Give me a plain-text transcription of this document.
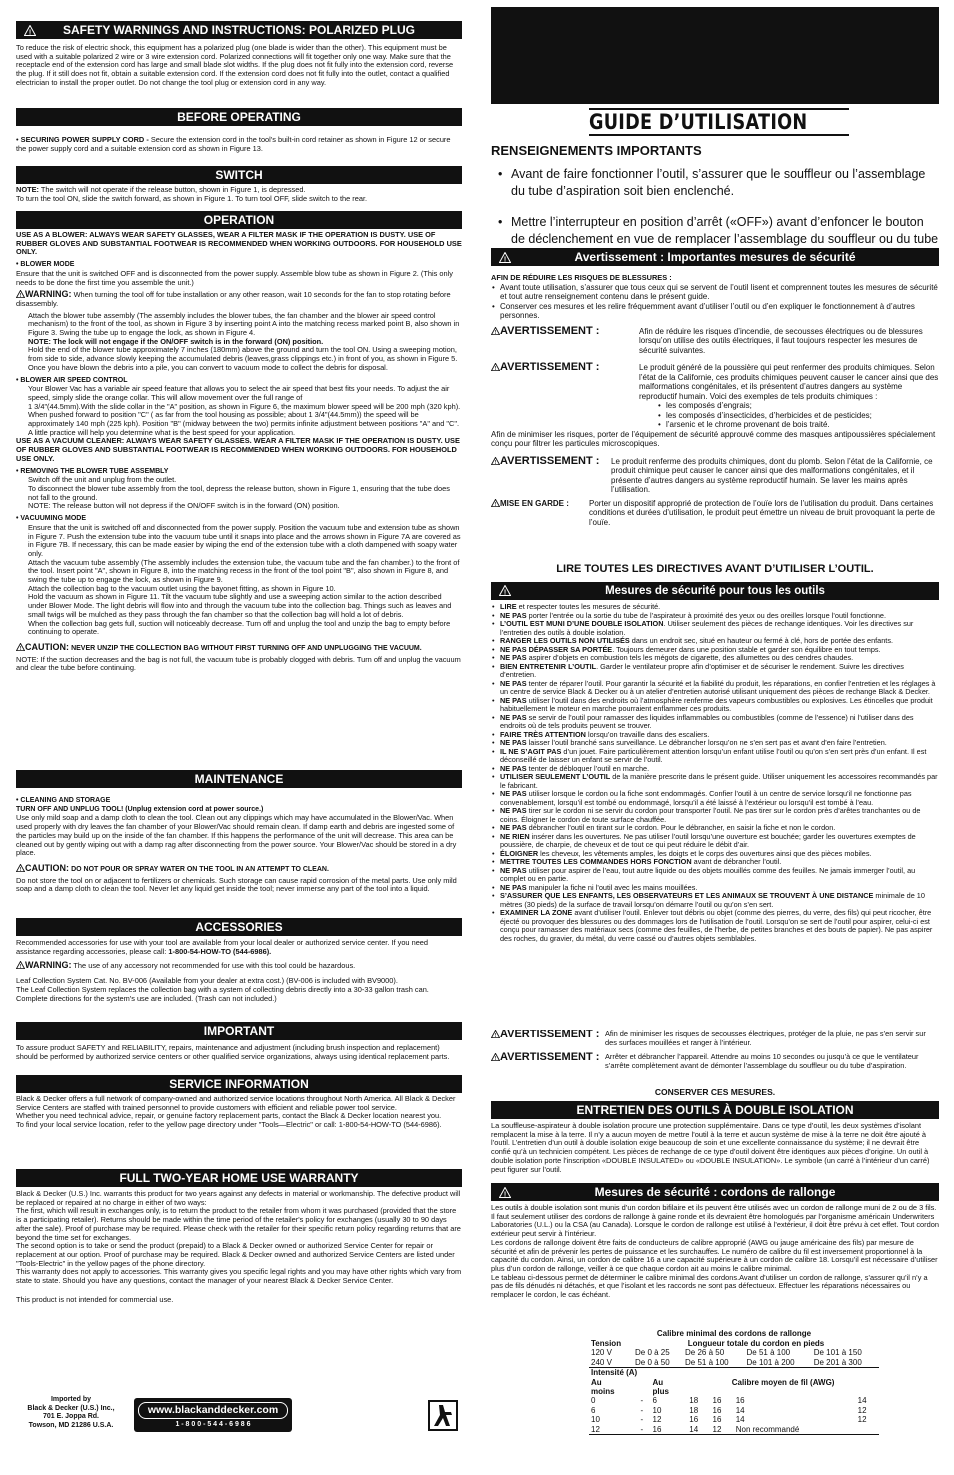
!	SAFETY WARNINGS AND INSTRUCTIONS: POLARIZED PLUG

To reduce the risk of electric shock, this equipment has a polarized plug (one blade is wider than the other). This equipment must be used with a suitable polarized 2 wire or 3 wire extension cord. Polarized connections will fit together only one way. Make sure that the receptacle end of the extension cord has large and small blade slot widths. If the plug does not fit fully into the extension cord, reverse the plug. If it still does not fit, obtain a suitable extension cord. If the extension cord does not fit fully into the outlet, contact a qualified electrician to install the proper outlet. Do not change the tool plug or extension cord in any way.

BEFORE OPERATING

• SECURING POWER SUPPLY CORD - Secure the extension cord in the tool's built-in cord retainer as shown in Figure 12 or secure the power supply cord and a suitable extension cord as shown in Figure 13.

SWITCH

NOTE: The switch will not operate if the release button, shown in Figure 1, is depressed.

To turn the tool ON, slide the switch forward, as shown in Figure 1. To turn tool OFF, slide switch to the rear.

OPERATION

USE AS A BLOWER: ALWAYS WEAR SAFETY GLASSES, WEAR A FILTER MASK IF THE OPERATION IS DUSTY. USE OF RUBBER GLOVES AND SUBSTANTIAL FOOTWEAR IS RECOMMENDED WHEN WORKING OUTDOORS. FOR HOUSEHOLD USE ONLY.

• BLOWER MODE

Ensure that the unit is switched OFF and is disconnected from the power supply. Assemble blow tube as shown in Figure 2. (This only needs to be done the first time you assemble the unit.)

! WARNING: When turning the tool off for tube installation or any other reason, wait 10 seconds for the fan to stop rotating before disassembly.

Attach the blower tube assembly (The assembly includes the blower tubes, the fan chamber and the blower air speed control mechanism) to the front of the tool, as shown in Figure 3 by inserting point A into the matching recess marked point B, also shown in Figure 3. Swing the tube up to engage the lock, as shown in Figure 4.

NOTE: The lock will not engage if the ON/OFF switch is in the forward (ON) position.

Hold the end of the blower tube approximately 7 inches (180mm) above the ground and turn the tool ON. Using a sweeping motion, from side to side, advance slowly keeping the accumulated debris (leaves,grass clippings etc.) in front of you, as shown in Figure 5. Once you have blown the debris into a pile, you can convert to vacuum mode to collect the debris for disposal.

• BLOWER AIR SPEED CONTROL

Your Blower Vac has a variable air speed feature that allows you to select the air speed that best fits your needs. To adjust the air speed, simply slide the orange collar. This will allow movement over the full range of

1 3/4"(44.5mm).With the slide collar in the "A" position, as shown in Figure 6, the maximum blower speed will be 200 mph (320 kph). When pushed forward to position "C" ( as far from the tool housing as possible; about 1 3/4"(44.5mm)) the speed will be approximately 140 mph (225 kph). Position "B" (midway between the two) permits infinite adjustment between positions "A" and "C". A little practice will help you determine what is the best speed for your application.

USE AS A VACUUM CLEANER: ALWAYS WEAR SAFETY GLASSES. WEAR A FILTER MASK IF THE OPERATION IS DUSTY. USE OF RUBBER GLOVES AND SUBSTANTIAL FOOTWEAR IS RECOMMENDED WHEN WORKING OUTDOORS. FOR HOUSEHOLD USE ONLY.

• REMOVING THE BLOWER TUBE ASSEMBLY

Switch off the unit and unplug from the outlet.

To disconnect the blower tube assembly from the tool, depress the release button, shown in Figure 1, ensuring that the tube does not fall to the ground.

NOTE: The release button will not depress if the ON/OFF switch is in the forward (ON) position.

• VACUUMING MODE

Ensure that the unit is switched off and disconnected from the power supply. Position the vacuum tube and extension tube as shown in Figure 7. Push the extension tube into the vacuum tube until it snaps into place and the arrows shown in Figure 7A are covered as in Figure 7B. If necessary, this can be made easier by wiping the end of the extension tube with a cloth dampened with soapy water only.

Attach the vacuum tube assembly (The assembly includes the extension tube, the vacuum tube and the fan chamber.) to the front of the tool. Insert point "A", shown in Figure 8, into the matching recess in the front of the tool point "B", also shown in Figure 8, and swing the tube up to engage the lock, as shown in Figure 9.

Attach the collection bag to the vacuum outlet using the bayonet fitting, as shown in Figure 10.

Hold the vacuum as shown in Figure 11. Tilt the vacuum tube slightly and use a sweeping action similar to the action described under Blower Mode. The light debris will flow into and through the vacuum tube into the collection bag. Things such as leaves and small twigs will be mulched as they pass through the fan chamber so that the collection bag will hold a lot of debris.

When the collection bag gets full, suction will noticeably decrease. Turn off and unplug the tool and unzip the bag to empty before continuing to operate.

! CAUTION: NEVER UNZIP THE COLLECTION BAG WITHOUT FIRST TURNING OFF AND UNPLUGGING THE VACUUM.

NOTE: If the suction decreases and the bag is not full, the vacuum tube is probably clogged with debris. Turn off and unplug the vacuum and clear the tube before continuing.

MAINTENANCE

• CLEANING AND STORAGE

TURN OFF AND UNPLUG TOOL! (Unplug extension cord at power source.)

Use only mild soap and a damp cloth to clean the tool. Clean out any clippings which may have accumulated in the Blower/Vac. When used properly with dry leaves the fan chamber of your Blower/Vac should remain clean. If damp earth and debris are ingested some of the particles may build up on the inside of the fan chamber. If this happens the performance of the unit will decrease. This area can be cleaned out by gently wiping out with a damp rag after disconnecting from the power source. Your Blower/Vac should be stored in a dry place.

! CAUTION: DO NOT POUR OR SPRAY WATER ON THE TOOL IN AN ATTEMPT TO CLEAN.

Do not store the tool on or adjacent to fertilizers or chemicals. Such storage can cause rapid corrosion of the metal parts. Use only mild soap and a damp cloth to clean the tool. Never let any liquid get inside the tool; never immerse any part of the tool into a liquid.

ACCESSORIES

Recommended accessories for use with your tool are available from your local dealer or authorized service center. If you need assistance regarding accessories, please call: 1-800-54-HOW-TO (544-6986).

! WARNING: The use of any accessory not recommended for use with this tool could be hazardous.

Leaf Collection System Cat. No. BV-006 (Available from your dealer at extra cost.) (BV-006 is included with BV9000).

The Leaf Collection System replaces the collection bag with a system of collecting debris directly into a 30-33 gallon trash can. Complete directions for the system's use are included. (Trash can not included.)

IMPORTANT

To assure product SAFETY and RELIABILITY, repairs, maintenance and adjustment (including brush inspection and replacement) should be performed by authorized service centers or other qualified service organizations, always using identical replacement parts.

SERVICE INFORMATION

Black & Decker offers a full network of company-owned and authorized service locations throughout North America. All Black & Decker Service Centers are staffed with trained personnel to provide customers with efficient and reliable power tool service.

Whether you need technical advice, repair, or genuine factory replacement parts, contact the Black & Decker location nearest you.

To find your local service location, refer to the yellow page directory under "Tools—Electric" or call: 1-800-54-HOW-TO (544-6986).

FULL TWO-YEAR HOME USE WARRANTY

Black & Decker (U.S.) Inc. warrants this product for two years against any defects in material or workmanship. The defective product will be replaced or repaired at no charge in either of two ways:

The first, which will result in exchanges only, is to return the product to the retailer from whom it was purchased (provided that the store is a participating retailer). Returns should be made within the time period of the retailer's policy for exchanges (usually 30 to 90 days after the sale). Proof of purchase may be required. Please check with the retailer for their specific return policy regarding returns that are beyond the time set for exchanges.

The second option is to take or send the product (prepaid) to a Black & Decker owned or authorized Service Center for repair or replacement at our option. Proof of purchase may be required. Black & Decker owned and authorized Service Centers are listed under "Tools-Electric" in the yellow pages of the phone directory.

This warranty does not apply to accessories. This warranty gives you specific legal rights and you may have other rights which vary from state to state. Should you have any questions, contact the manager of your nearest Black & Decker Service Center.

This product is not intended for commercial use.

Imported by
Black & Decker (U.S.) Inc.,
701 E. Joppa Rd.
Towson, MD 21286 U.S.A.
www.blackanddecker.com
1 - 8 0 0 - 5 4 4 - 6 9 8 6
GUIDE D’UTILISATION
RENSEIGNEMENTS IMPORTANTS
• Avant de faire fonctionner l’outil, s’assurer que le souffleur ou l’assemblage du tube d’aspiration soit bien enclenché.
• Mettre l’interrupteur en position d’arrêt («OFF») avant d’enfoncer le bouton de déclenchement en vue de remplacer l’assemblage du souffleur ou du tube
!	Avertissement : Importantes mesures de sécurité

AFIN DE RÉDUIRE LES RISQUES DE BLESSURES :

• Avant toute utilisation, s’assurer que tous ceux qui se servent de l’outil lisent et comprennent toutes les mesures de sécurité et tout autre renseignement contenu dans le présent guide.
• Conserver ces mesures et les relire fréquemment avant d’utiliser l’outil ou d’en expliquer le fonctionnement à d’autres personnes.
! AVERTISSEMENT :	Afin de réduire les risques d’incendie, de secousses électriques ou de blessures lorsqu’on utilise des outils électriques, il faut toujours respecter les mesures de sécurité suivantes.
! AVERTISSEMENT :	Le produit généré de la poussière qui peut renfermer des produits chimiques. Selon l’état de la Californie, ces produits chimiques peuvent causer le cancer ainsi que des malformations congénitales, et ils présentent d’autres dangers au système reproductif humain. Voici des exemples de tels produits chimiques :
• les composés d’engrais;
• les composés d’insecticides, d’herbicides et de pesticides;
• l’arsenic et le chrome provenant de bois traité.

Afin de minimiser les risques, porter de l’équipement de sécurité approuvé comme des masques antipoussières spécialement conçu pour filtrer les particules microscopiques.

! AVERTISSEMENT :	Le produit renferme des produits chimiques, dont du plomb. Selon l’état de la Californie, ce produit chimique peut causer le cancer ainsi que des malformations congénitales, et il présente d’autres dangers au système reproductif humain. Se laver les mains après l’utilisation.
! MISE EN GARDE :	Porter un dispositif approprié de protection de l’ouïe lors de l’utilisation du produit. Dans certaines conditions et durées d’utilisation, le produit peut émettre un niveau de bruit provoquant la perte de l’ouïe.
LIRE TOUTES LES DIRECTIVES AVANT D’UTILISER L’OUTIL.
!	Mesures de sécurité pour tous les outils
• LIRE et respecter toutes les mesures de sécurité.
• NE PAS porter l’entrée ou la sortie du tube de l’aspirateur à proximité des yeux ou des oreilles lorsque l’outil fonctionne.
• L’OUTIL EST MUNI D’UNE DOUBLE ISOLATION. Utiliser seulement des pièces de rechange identiques. Voir les directives sur l’entretien des outils à double isolation.
• RANGER LES OUTILS NON UTILISÉS dans un endroit sec, situé en hauteur ou fermé à clé, hors de portée des enfants.
• NE PAS DÉPASSER SA PORTÉE. Toujours demeurer dans une position stable et garder son équilibre en tout temps.
• NE PAS aspirer d’objets en combustion tels les mégots de cigarette, des allumettes ou des cendres chaudes.
• BIEN ENTRETENIR L’OUTIL. Garder le ventilateur propre afin d’optimiser et de sécuriser le rendement. Suivre les directives d’entretien.
• NE PAS tenter de réparer l’outil. Pour garantir la sécurité et la fiabilité du produit, les réparations, en confier l’entretien et les réglages à un centre de service Black & Decker ou à un atelier d’entretien autorisé utilisant uniquement des pièces de rechange Black & Decker.
• NE PAS utiliser l’outil dans des endroits où l’atmosphère renferme des vapeurs combustibles ou explosives. Les étincelles que produit habituellement le moteur en marche pourraient enflammer ces produits.
• NE PAS se servir de l’outil pour ramasser des liquides inflammables ou combustibles (comme de l’essence) ni l’utiliser dans des endroits où de tels produits peuvent se trouver.
• FAIRE TRÈS ATTENTION lorsqu’on travaille dans des escaliers.
• NE PAS laisser l’outil branché sans surveillance. Le débrancher lorsqu’on ne s’en sert pas et avant d’en faire l’entretien.
• IL NE S’AGIT PAS d’un jouet. Faire particulièrement attention lorsqu’un enfant utilise l’outil ou qu’on s’en sert près d’un enfant. Il est déconseillé de laisser un enfant se servir de l’outil.
• NE PAS tenter de débloquer l’outil en marche.
• UTILISER SEULEMENT L’OUTIL de la manière prescrite dans le présent guide. Utiliser uniquement les accessoires recommandés par le fabricant.
• NE PAS utiliser lorsque le cordon ou la fiche sont endommagés. Confier l’outil à un centre de service lorsqu’il ne fonctionne pas convenablement, lorsqu’il est tombé ou endommagé, lorsqu’il a été laissé à l’extérieur ou lorsqu’il est tombé à l’eau.
• NE PAS tirer sur le cordon ni se servir du cordon pour transporter l’outil. Ne pas tirer sur le cordon près d’arêtes tranchantes ou de coins. Éloigner le cordon de toute surface chauffée.
• NE PAS débrancher l’outil en tirant sur le cordon. Pour le débrancher, en saisir la fiche et non le cordon.
• NE RIEN insérer dans les ouvertures. Ne pas utiliser l’outil lorsqu’une ouverture est bouchée; garder les ouvertures exemptes de poussière, de charpie, de cheveux et de tout ce qui peut réduire le débit d’air.
• ÉLOIGNER les cheveux, les vêtements amples, les doigts et le corps des ouvertures ainsi que des pièces mobiles.
• METTRE TOUTES LES COMMANDES HORS FONCTION avant de débrancher l’outil.
• NE PAS utiliser pour aspirer de l’eau, tout autre liquide ou des objets mouillés comme des feuilles. Ne jamais immerger l’outil, au complet ou en partie.
• NE PAS manipuler la fiche ni l’outil avec les mains mouillées.
• S’ASSURER QUE LES ENFANTS, LES OBSERVATEURS ET LES ANIMAUX SE TROUVENT À UNE DISTANCE minimale de 10 mètres (30 pieds) de la surface de travail lorsqu’on démarre l’outil ou qu’on s’en sert.
• EXAMINER LA ZONE avant d’utiliser l’outil. Enlever tout débris ou objet (comme des pierres, du verre, des fils) qui peut ricocher, être éjecté ou provoquer des blessures ou des dommages lors de l’utilisation de l’outil. Lorsqu’on se sert de l’outil pour aspirer, celui-ci est conçu pour ramasser des matériaux secs (comme des feuilles, de l’herbe, de petites branches et des bouts de papier). Ne pas aspirer des roches, du gravier, du métal, du verre cassé ou d’autres objets semblables.
! AVERTISSEMENT : Afin de minimiser les risques de secousses électriques, protéger de la pluie, ne pas s’en servir sur des surfaces mouillées et ranger à l’intérieur.
! AVERTISSEMENT : Arrêter et débrancher l’appareil. Attendre au moins 10 secondes ou jusqu’à ce que le ventilateur s’arrête complètement avant de démonter l’assemblage du souffleur ou du tube d’aspiration.
CONSERVER CES MESURES.
ENTRETIEN DES OUTILS À DOUBLE ISOLATION

La souffleuse-aspirateur à double isolation procure une protection supplémentaire. Dans ce type d’outil, les deux systèmes d’isolant remplacent la mise à la terre. Il n’y a aucun moyen de mettre l’outil à la terre et aucun système de mise à la terre ne doit être ajouté à l’outil. L’entretien d’un outil à double isolation exige beaucoup de soin et une excellente connaissance du système; il ne devrait être confié qu’à un technicien compétent. Les pièces de rechange de ce type d’outil doivent être identiques aux pièces d’origine. Un outil à double isolation porte l’inscription «DOUBLE INSULATED» ou «DOUBLE INSULATION». Le symbole (un carré à l’intérieur d’un carré) peut figurer sur l’outil.

!	Mesures de sécurité : cordons de rallonge

Les outils à double isolation sont munis d’un cordon bifilaire et ils peuvent être utilisés avec un cordon de rallonge muni de 2 ou de 3 fils. Il faut seulement utiliser des cordons de rallonge à gaine ronde et ils devraient être homologués par l’organisme américain Underwriters Laboratories (U.L.) ou la CSA (au Canada). Lorsque le cordon de rallonge est utilisé à l’extérieur, il doit être prévu à cet effet. Tout cordon extérieur peut servir à l’intérieur.

Les cordons de rallonge doivent être faits de conducteurs de calibre approprié (AWG ou jauge américaine des fils) par mesure de sécurité et afin de prévenir les pertes de puissance et les surchauffes. Le numéro de calibre du fil est inversement proportionnel à la capacité du cordon. Ainsi, un cordon de calibre 16 a une capacité supérieure à un cordon de calibre 18. Lorsqu’il est nécessaire d’utiliser plus d’un cordon de rallonge, veiller à ce que chaque cordon ait au moins le calibre minimal.

Le tableau ci-dessous permet de déterminer le calibre minimal des cordons.Avant d’utiliser un cordon de rallonge, s’assurer qu’il n’y a pas de fils dénudés ni détachés, et que l’isolant et les raccords ne sont pas défectueux. Effectuer les réparations nécessaires ou remplacer le cordon, le cas échéant.

Calibre minimal des cordons de rallonge
Tension	Longueur totale du cordon en pieds			
120 V	De 0 à 25	De 26 à 50	De 51 à 100	De 101 à 150
240 V	De 0 à 50	De 51 à 100	De 101 à 200	De 201 à 300
Intensité (A)						
Au		Au	Calibre moyen de fil (AWG)			
moins		plus				
0	-	6	18	16	16	14
6	-	10	18	16	14	12
10	-	12	16	16	14	12
12	-	16	14	12	Non recommandé	
